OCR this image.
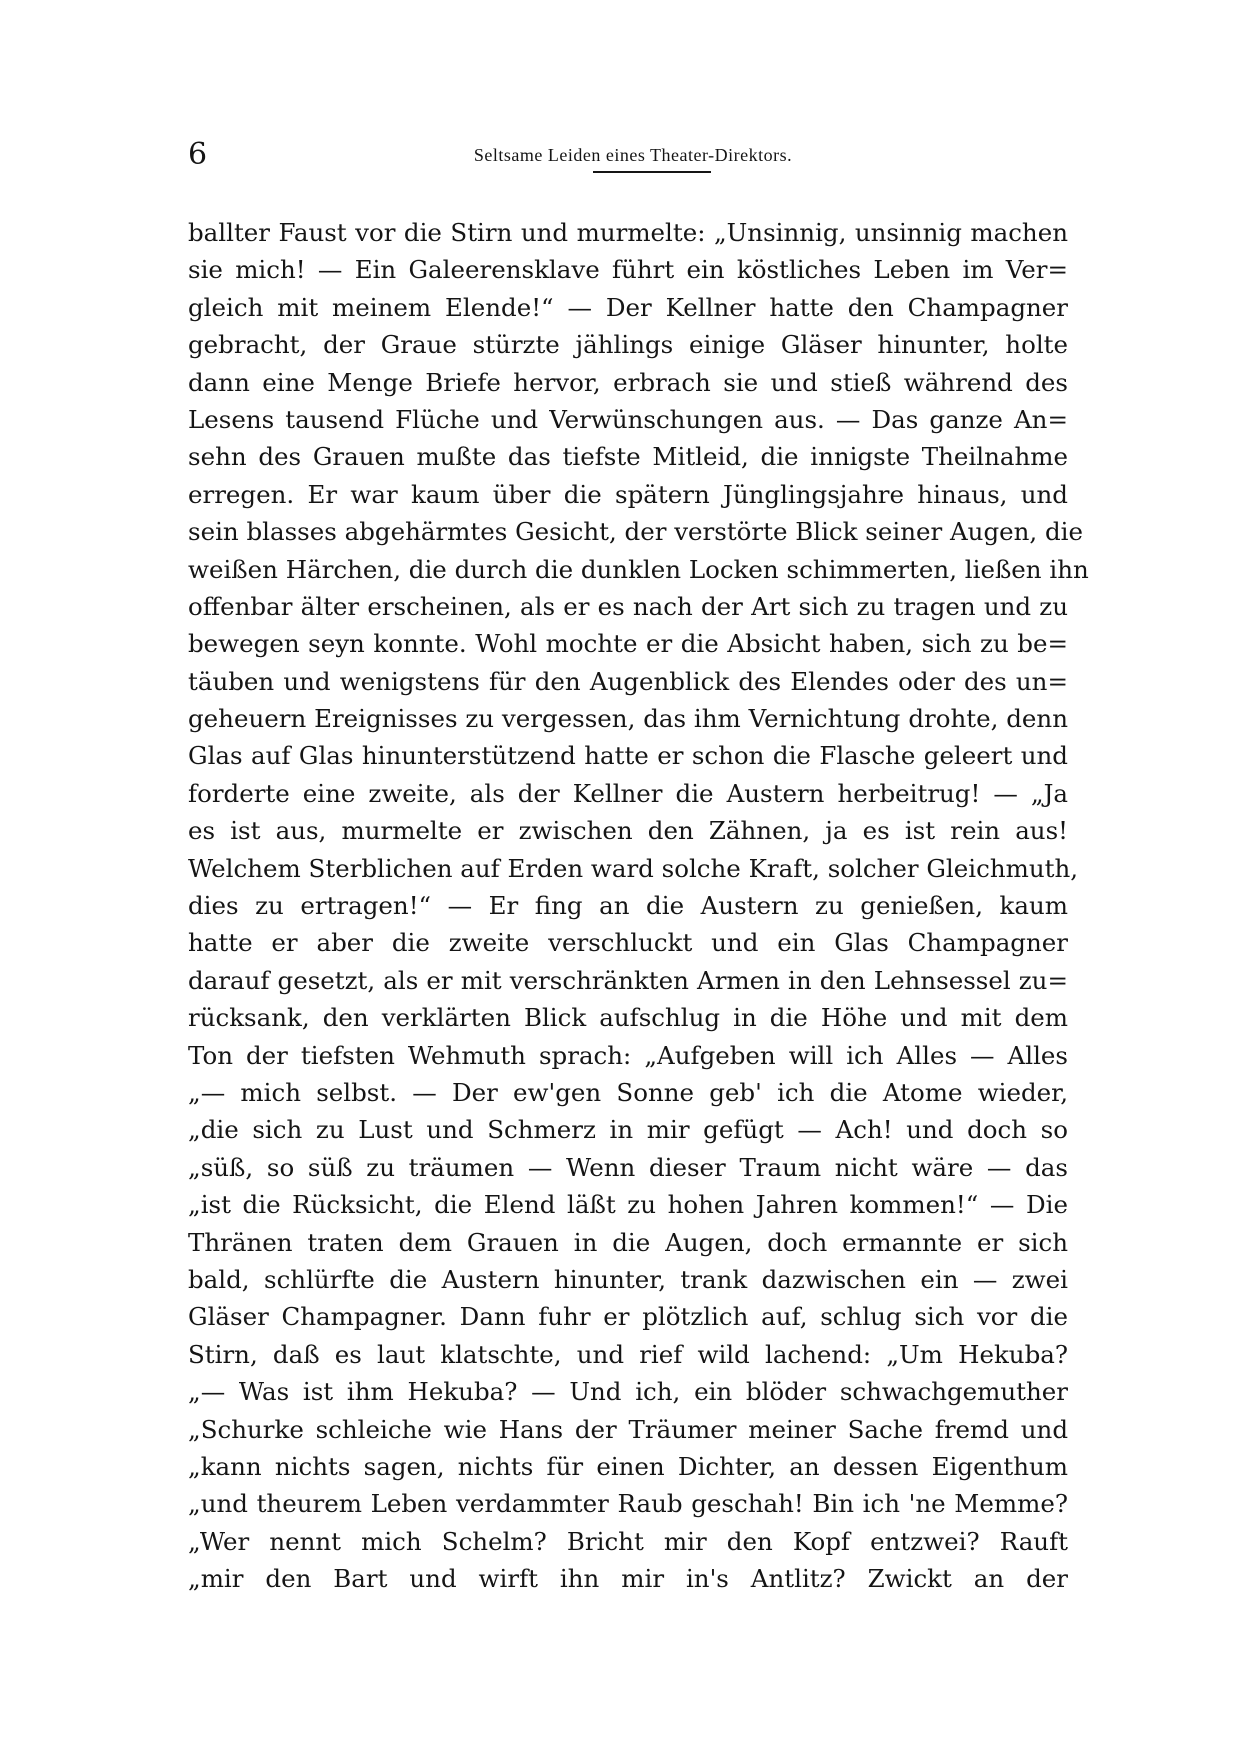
6	Seltsame Leiden eines Theater-Direktors.
ballter Faust vor die Stirn und murmelte: „Unsinnig, unsinnig machen
sie mich! — Ein Galeerensklave führt ein köstliches Leben im Ver=
gleich mit meinem Elende!“ — Der Kellner hatte den Champagner
gebracht, der Graue stürzte jählings einige Gläser hinunter, holte
dann eine Menge Briefe hervor, erbrach sie und stieß während des
Lesens tausend Flüche und Verwünschungen aus. — Das ganze An=
sehn des Grauen mußte das tiefste Mitleid, die innigste Theilnahme
erregen. Er war kaum über die spätern Jünglingsjahre hinaus, und
sein blasses abgehärmtes Gesicht, der verstörte Blick seiner Augen, die
weißen Härchen, die durch die dunklen Locken schimmerten, ließen ihn
offenbar älter erscheinen, als er es nach der Art sich zu tragen und zu
bewegen seyn konnte. Wohl mochte er die Absicht haben, sich zu be=
täuben und wenigstens für den Augenblick des Elendes oder des un=
geheuern Ereignisses zu vergessen, das ihm Vernichtung drohte, denn
Glas auf Glas hinunterstützend hatte er schon die Flasche geleert und
forderte eine zweite, als der Kellner die Austern herbeitrug! — „Ja
es ist aus, murmelte er zwischen den Zähnen, ja es ist rein aus!
Welchem Sterblichen auf Erden ward solche Kraft, solcher Gleichmuth,
dies zu ertragen!“ — Er fing an die Austern zu genießen, kaum
hatte er aber die zweite verschluckt und ein Glas Champagner
darauf gesetzt, als er mit verschränkten Armen in den Lehnsessel zu=
rücksank, den verklärten Blick aufschlug in die Höhe und mit dem
Ton der tiefsten Wehmuth sprach: „Aufgeben will ich Alles — Alles
„— mich selbst. — Der ew'gen Sonne geb' ich die Atome wieder,
„die sich zu Lust und Schmerz in mir gefügt — Ach! und doch so
„süß, so süß zu träumen — Wenn dieser Traum nicht wäre — das
„ist die Rücksicht, die Elend läßt zu hohen Jahren kommen!“ — Die
Thränen traten dem Grauen in die Augen, doch ermannte er sich
bald, schlürfte die Austern hinunter, trank dazwischen ein — zwei
Gläser Champagner. Dann fuhr er plötzlich auf, schlug sich vor die
Stirn, daß es laut klatschte, und rief wild lachend: „Um Hekuba?
„— Was ist ihm Hekuba? — Und ich, ein blöder schwachgemuther
„Schurke schleiche wie Hans der Träumer meiner Sache fremd und
„kann nichts sagen, nichts für einen Dichter, an dessen Eigenthum
„und theurem Leben verdammter Raub geschah! Bin ich 'ne Memme?
„Wer nennt mich Schelm? Bricht mir den Kopf entzwei? Rauft
„mir den Bart und wirft ihn mir in's Antlitz? Zwickt an der
